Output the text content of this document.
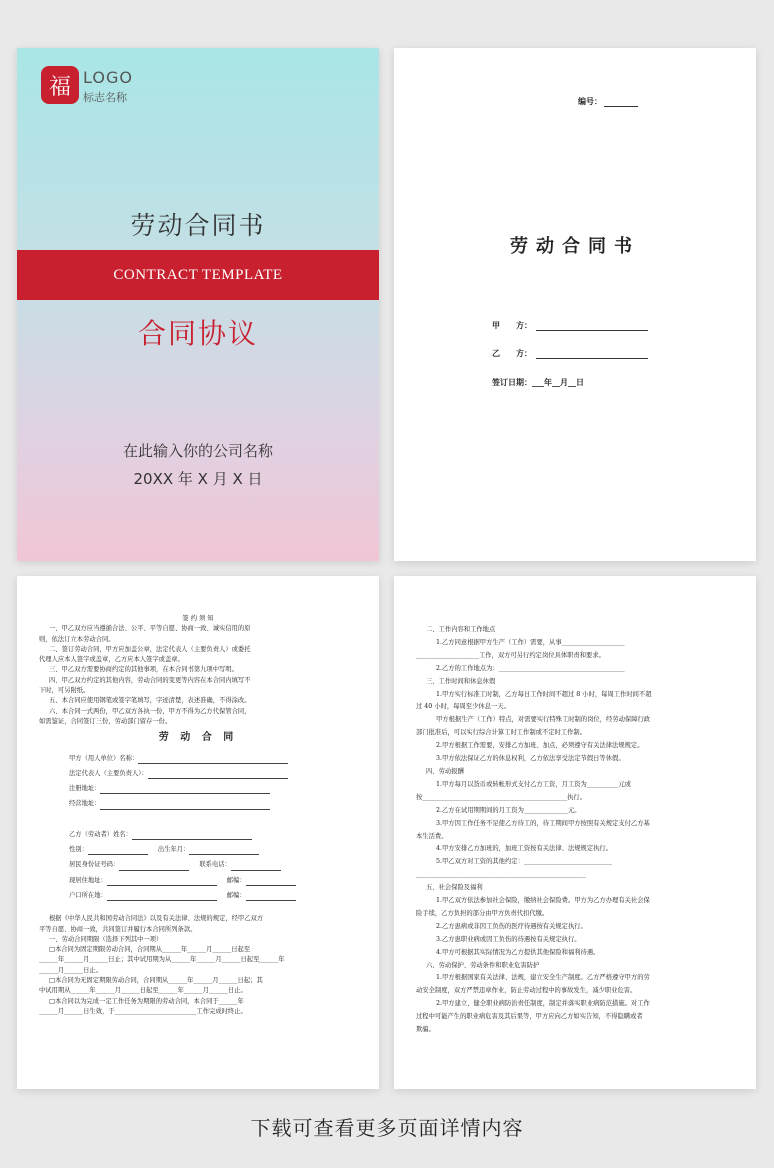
福 LOGO
标志名称
劳动合同书
CONTRACT TEMPLATE
合同协议
在此输入你的公司名称
20XX 年 X 月 X 日
编号：
劳动合同书
甲　　方：
乙　　方：
签订日期：___年__月__日

签 约 须 知

一、甲乙双方应当遵循合法、公平、平等自愿、协商一致、诚实信用的原

则，依法订立本劳动合同。

二、签订劳动合同，甲方应加盖公章，法定代表人（主要负责人）或委托

代理人应本人签字或盖章，乙方应本人签字或盖章。

三、甲乙双方需要协商约定的其他事项，在本合同书第九项中写明。

四、甲乙双方约定的其他内容，劳动合同的变更等内容在本合同内填写不

下时，可另附纸。

五、本合同应使用钢笔或签字笔填写，字迹清楚，表述准确，不得涂改。

六、本合同一式两份，甲乙双方各执一份，甲方不得为乙方代保管合同，

如需鉴证，合同签订三份，劳动部门留存一份。

劳 动 合 同
甲方（用人单位）名称：
法定代表人（主要负责人）：
注册地址：
经营地址：
乙方（劳动者）姓名：
性别：	出生年月：
居民身份证号码：	联系电话：
现居住地址：	邮编：
户口所在地：	邮编：

根据《中华人民共和国劳动合同法》以及有关法律、法规的规定，经甲乙双方

平等自愿、协商一致，共同签订并履行本合同所列条款。

一、劳动合同期限（选择下列其中一项）

□本合同为固定期限劳动合同，合同期从______年______月______日起至

______年______月______日止；其中试用期为从______年______月______日起至______年

______月______日止。

□本合同为无固定期限劳动合同，合同期从______年______月______日起；其

中试用期从______年______月______日起至______年______月______日止。

□本合同以为完成一定工作任务为期限的劳动合同，本合同于______年

______月______日生效，于__________________________工作完成时终止。

二、工作内容和工作地点

1.乙方同意根据甲方生产（工作）需要，从事____________________

____________________工作，双方可另行约定岗位具体职责和要求。

2.乙方的工作地点为：________________________________________

三、工作时间和休息休假

1.甲方实行标准工时制，乙方每日工作时间不超过 8 小时，每周工作时间不超

过 40 小时，每周至少休息一天。

甲方根据生产（工作）特点，对需要实行特殊工时制的岗位，经劳动保障行政

部门批准后，可以实行综合计算工时工作制或不定时工作制。

2.甲方根据工作需要，安排乙方加班、加点，必须遵守有关法律法规规定。

3.甲方依法保证乙方的休息权利，乙方依法享受法定节假日等休假。

四、劳动报酬

1.甲方每月以货币或转帐形式支付乙方工资，月工资为__________元或

按______________________________________________执行。

2.乙方在试用期期间的月工资为______________元。

3.甲方因工作任务不足使乙方待工的，待工期间甲方按照有关规定支付乙方基

本生活费。

4.甲方安排乙方加班的，加班工资按有关法律、法规规定执行。

5.甲乙双方对工资的其他约定：____________________________

______________________________________________________

五、社会保险及福利

1.甲乙双方依法参加社会保险，缴纳社会保险费。甲方为乙方办理有关社会保

险手续，乙方负担的部分由甲方负责代扣代缴。

2.乙方患病或非因工负伤的医疗待遇按有关规定执行。

3.乙方患职业病或因工负伤的待遇按有关规定执行。

4.甲方可根据其实际情况为乙方提供其他保险和福利待遇。

六、劳动保护、劳动条件和职业危害防护

1.甲方根据国家有关法律、法规，建立安全生产制度。乙方严格遵守甲方的劳

动安全制度，双方严禁违章作业，防止劳动过程中的事故发生，减少职业危害。

2.甲方建立、健全职业病防治责任制度，制定并落实职业病防范措施。对工作

过程中可能产生的职业病危害及其后果等，甲方应向乙方如实告知，不得隐瞒或者

欺骗。

下载可查看更多页面详情内容
